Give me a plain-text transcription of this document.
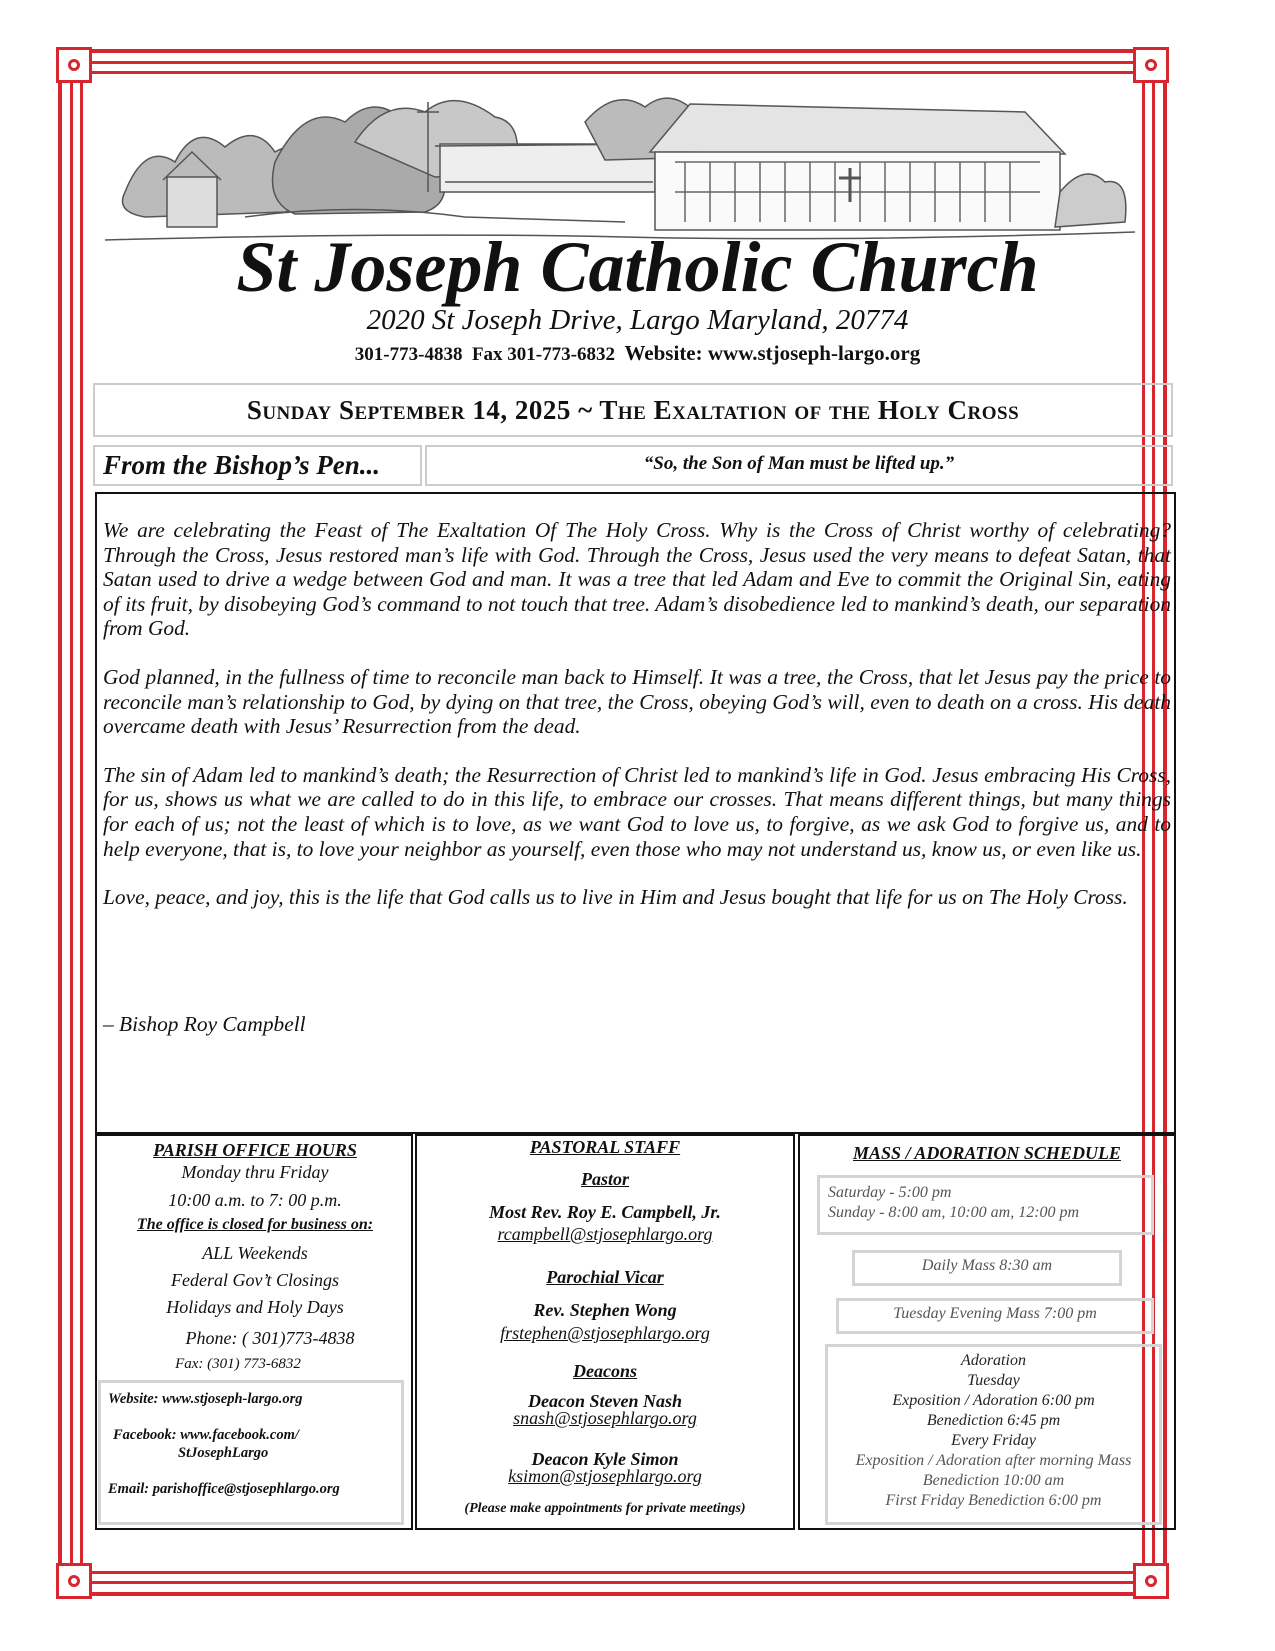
St Joseph Catholic Church
2020 St Joseph Drive, Largo Maryland, 20774
301-773-4838 Fax 301-773-6832 Website: www.stjoseph-largo.org
Sunday September 14, 2025 ~ The Exaltation of the Holy Cross
From the Bishop’s Pen...	“So, the Son of Man must be lifted up.”

We are celebrating the Feast of The Exaltation Of The Holy Cross. Why is the Cross of Christ worthy of celebrating? Through the Cross, Jesus restored man’s life with God. Through the Cross, Jesus used the very means to defeat Satan, that Satan used to drive a wedge between God and man. It was a tree that led Adam and Eve to commit the Original Sin, eating of its fruit, by disobeying God’s command to not touch that tree. Adam’s disobedience led to mankind’s death, our separation from God.

God planned, in the fullness of time to reconcile man back to Himself. It was a tree, the Cross, that let Jesus pay the price to reconcile man’s relationship to God, by dying on that tree, the Cross, obeying God’s will, even to death on a cross. His death overcame death with Jesus’ Resurrection from the dead.

The sin of Adam led to mankind’s death; the Resurrection of Christ led to mankind’s life in God. Jesus embracing His Cross, for us, shows us what we are called to do in this life, to embrace our crosses. That means different things, but many things for each of us; not the least of which is to love, as we want God to love us, to forgive, as we ask God to forgive us, and to help everyone, that is, to love your neighbor as yourself, even those who may not understand us, know us, or even like us.

Love, peace, and joy, this is the life that God calls us to live in Him and Jesus bought that life for us on The Holy Cross.

– Bishop Roy Campbell
PARISH OFFICE HOURS
Monday thru Friday
10:00 a.m. to 7: 00 p.m.
The office is closed for business on:
ALL Weekends
Federal Gov’t Closings
Holidays and Holy Days
Phone: ( 301)773-4838
Fax: (301) 773-6832
Website: www.stjoseph-largo.org
Facebook: www.facebook.com/
StJosephLargo
Email: parishoffice@stjosephlargo.org
PASTORAL STAFF
Pastor
Most Rev. Roy E. Campbell, Jr.
rcampbell@stjosephlargo.org
Parochial Vicar
Rev. Stephen Wong
frstephen@stjosephlargo.org
Deacons
Deacon Steven Nash
snash@stjosephlargo.org
Deacon Kyle Simon
ksimon@stjosephlargo.org
(Please make appointments for private meetings)
MASS / ADORATION SCHEDULE
Saturday - 5:00 pm
Sunday - 8:00 am, 10:00 am, 12:00 pm
Daily Mass 8:30 am
Tuesday Evening Mass 7:00 pm
Adoration
Tuesday
Exposition / Adoration 6:00 pm
Benediction 6:45 pm
Every Friday
Exposition / Adoration after morning Mass
Benediction 10:00 am
First Friday Benediction 6:00 pm
